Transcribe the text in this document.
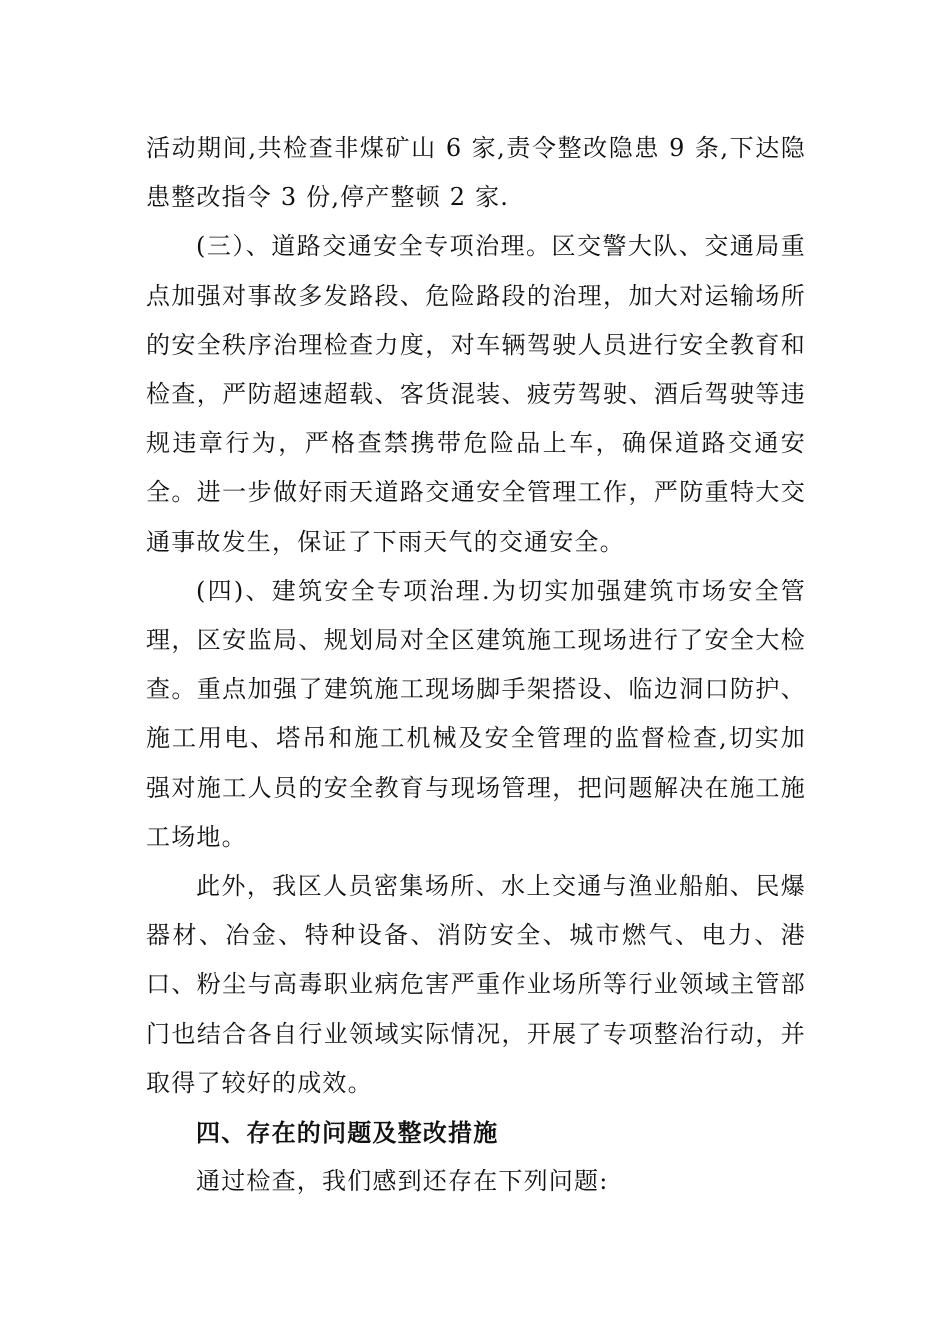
活动期间,共检查非煤矿山 6 家,责令整改隐患 9 条,下达隐患整改指令 3 份,停产整顿 2 家.

(三）、道路交通安全专项治理。区交警大队、交通局重点加强对事故多发路段、危险路段的治理，加大对运输场所的安全秩序治理检查力度，对车辆驾驶人员进行安全教育和检查，严防超速超载、客货混装、疲劳驾驶、酒后驾驶等违规违章行为，严格查禁携带危险品上车，确保道路交通安全。进一步做好雨天道路交通安全管理工作，严防重特大交通事故发生，保证了下雨天气的交通安全。

(四)、建筑安全专项治理.为切实加强建筑市场安全管理，区安监局、规划局对全区建筑施工现场进行了安全大检查。重点加强了建筑施工现场脚手架搭设、临边洞口防护、施工用电、塔吊和施工机械及安全管理的监督检查,切实加强对施工人员的安全教育与现场管理，把问题解决在施工施工场地。

此外，我区人员密集场所、水上交通与渔业船舶、民爆器材、冶金、特种设备、消防安全、城市燃气、电力、港口、粉尘与高毒职业病危害严重作业场所等行业领域主管部门也结合各自行业领域实际情况，开展了专项整治行动，并取得了较好的成效。

四、存在的问题及整改措施

通过检查，我们感到还存在下列问题:
